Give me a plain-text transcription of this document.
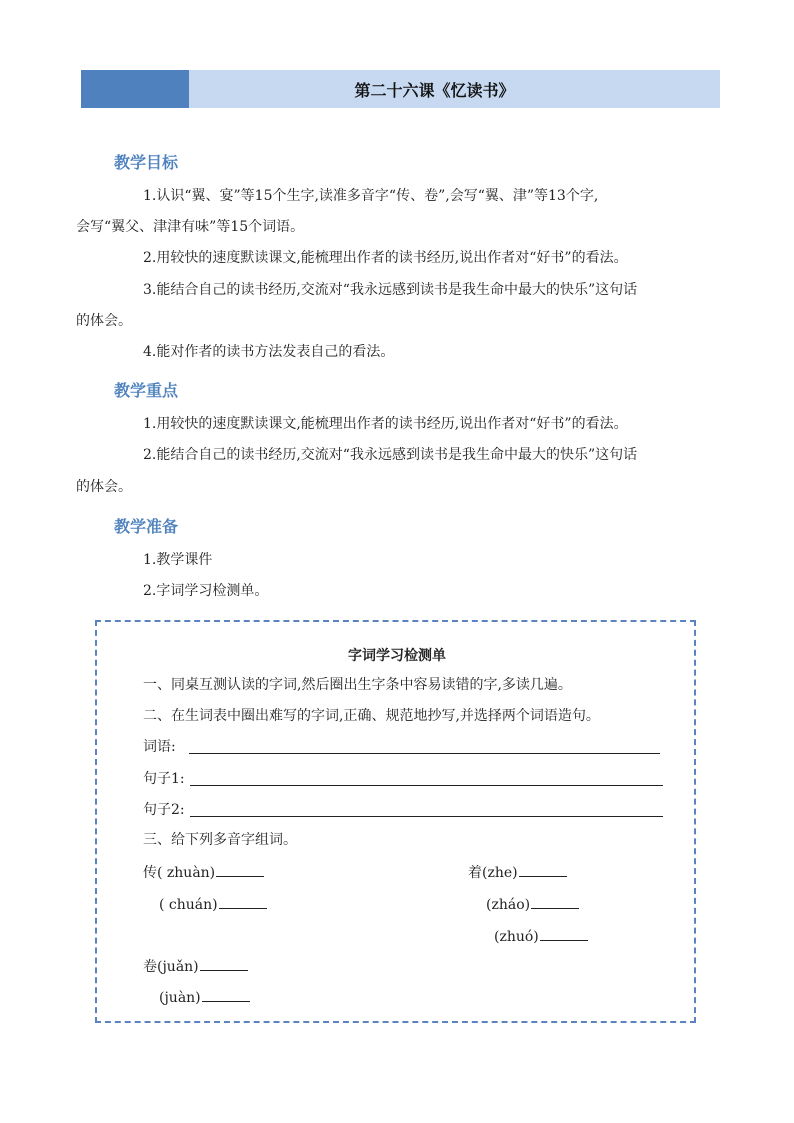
第二十六课《忆读书》
教学目标
1.认识“翼、宴”等15个生字,读准多音字“传、卷”,会写“翼、津”等13个字,
会写“翼父、津津有味”等15个词语。
2.用较快的速度默读课文,能梳理出作者的读书经历,说出作者对“好书”的看法。
3.能结合自己的读书经历,交流对“我永远感到读书是我生命中最大的快乐”这句话
的体会。
4.能对作者的读书方法发表自己的看法。
教学重点
1.用较快的速度默读课文,能梳理出作者的读书经历,说出作者对“好书”的看法。
2.能结合自己的读书经历,交流对“我永远感到读书是我生命中最大的快乐”这句话
的体会。
教学准备
1.教学课件
2.字词学习检测单。
字词学习检测单
一、同桌互测认读的字词,然后圈出生字条中容易读错的字,多读几遍。
二、在生词表中圈出难写的字词,正确、规范地抄写,并选择两个词语造句。
词语:
句子1:
句子2:
三、给下列多音字组词。
传( zhuàn)
( chuán)
着(zhe)
(zháo)
(zhuó)
卷(juǎn)
(juàn)
